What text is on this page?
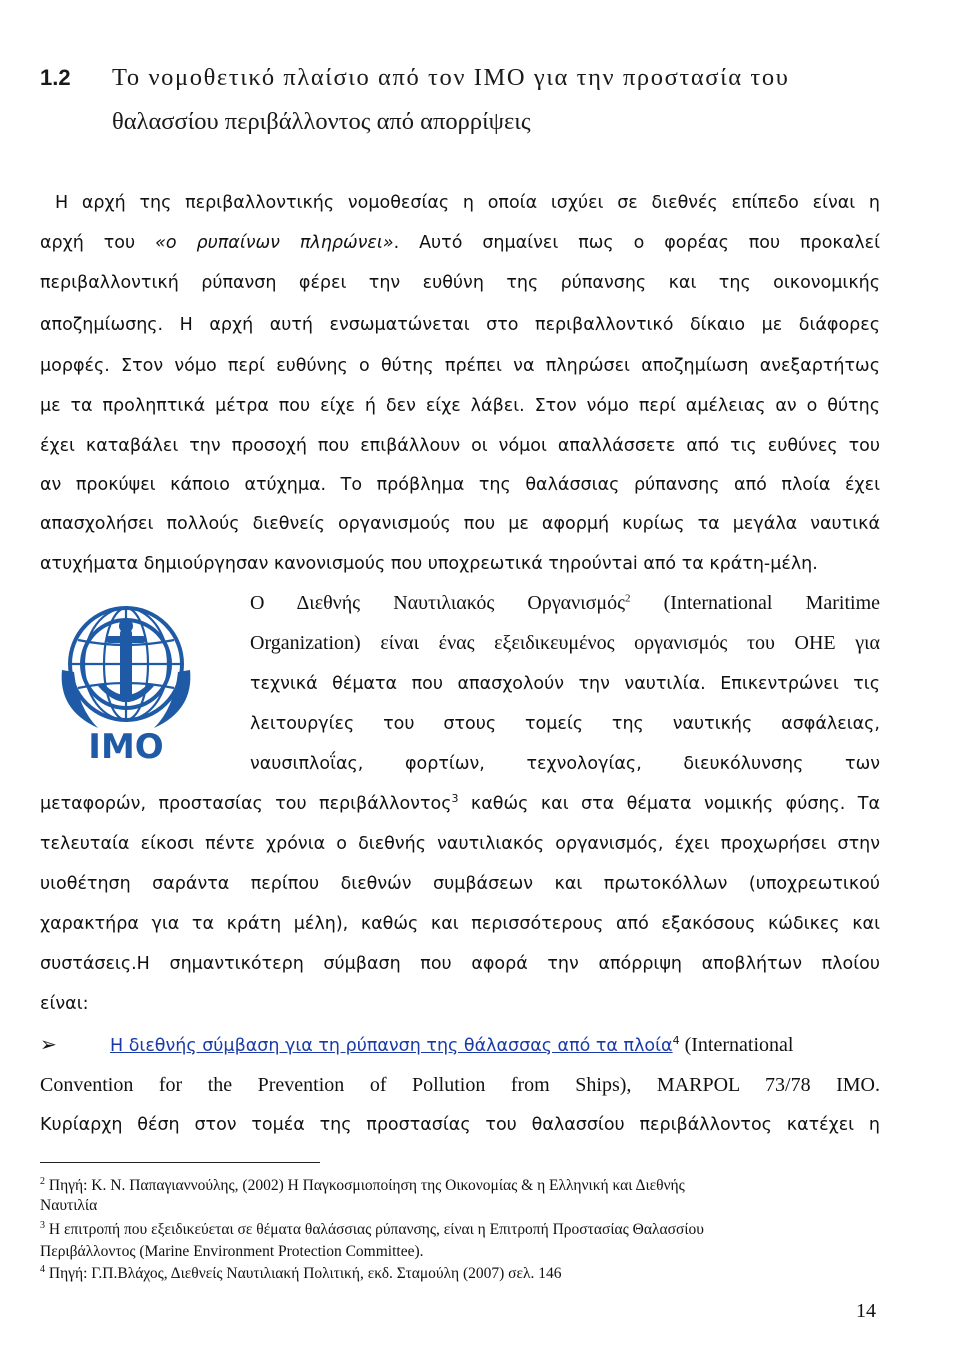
1.2 Το νομοθετικό πλαίσιο από τον ΙΜΟ για την προστασία του
θαλασσίου περιβάλλοντος από απορρίψεις
Η αρχή της περιβαλλοντικής νομοθεσίας η οποία ισχύει σε διεθνές επίπεδο είναι η
αρχή του «ο ρυπαίνων πληρώνει». Αυτό σημαίνει πως ο φορέας που προκαλεί
περιβαλλοντική ρύπανση φέρει την ευθύνη της ρύπανσης και της οικονομικής
αποζημίωσης. Η αρχή αυτή ενσωματώνεται στο περιβαλλοντικό δίκαιο με διάφορες
μορφές. Στον νόμο περί ευθύνης ο θύτης πρέπει να πληρώσει αποζημίωση ανεξαρτήτως
με τα προληπτικά μέτρα που είχε ή δεν είχε λάβει. Στον νόμο περί αμέλειας αν ο θύτης
έχει καταβάλει την προσοχή που επιβάλλουν οι νόμοι απαλλάσσετε από τις ευθύνες του
αν προκύψει κάποιο ατύχημα. Το πρόβλημα της θαλάσσιας ρύπανσης από πλοία έχει
απασχολήσει πολλούς διεθνείς οργανισμούς που με αφορμή κυρίως τα μεγάλα ναυτικά
ατυχήματα δημιούργησαν κανονισμούς που υποχρεωτικά τηρούντai από τα κράτη-μέλη.
IMO
Ο Διεθνής Ναυτιλιακός Οργανισμός$^2$ (International Maritime
Organization) είναι ένας εξειδικευμένος οργανισμός του ΟΗΕ για
τεχνικά θέματα που απασχολούν την ναυτιλία. Επικεντρώνει τις
λειτουργίες του στους τομείς της ναυτικής ασφάλειας,
ναυσιπλοΐας, φορτίων, τεχνολογίας, διευκόλυνσης των
μεταφορών, προστασίας του περιβάλλοντος$^3$ καθώς και στα θέματα νομικής φύσης. Τα
τελευταία είκοσι πέντε χρόνια ο διεθνής ναυτιλιακός οργανισμός, έχει προχωρήσει στην
υιοθέτηση σαράντα περίπου διεθνών συμβάσεων και πρωτοκόλλων (υποχρεωτικού
χαρακτήρα για τα κράτη μέλη), καθώς και περισσότερους από εξακόσους κώδικες και
συστάσεις.Η σημαντικότερη σύμβαση που αφορά την απόρριψη αποβλήτων πλοίου
είναι:
➢	Η διεθνής σύμβαση για τη ρύπανση της θάλασσας από τα πλοία$^4$ (International
Convention for the Prevention of Pollution from Ships), MARPOL 73/78 IMO.
Κυρίαρχη θέση στον τομέα της προστασίας του θαλασσίου περιβάλλοντος κατέχει η
$^2$ Πηγή: Κ. Ν. Παπαγιαννούλης, (2002) Η Παγκοσμιοποίηση της Οικονομίας & η Ελληνική και Διεθνής
Ναυτιλία
$^3$ Η επιτροπή που εξειδικεύεται σε θέματα θαλάσσιας ρύπανσης, είναι η Επιτροπή Προστασίας Θαλασσίου
Περιβάλλοντος (Marine Environment Protection Committee).
$^4$ Πηγή: Γ.Π.Βλάχος, Διεθνείς Ναυτιλιακή Πολιτική, εκδ. Σταμούλη (2007) σελ. 146
14
